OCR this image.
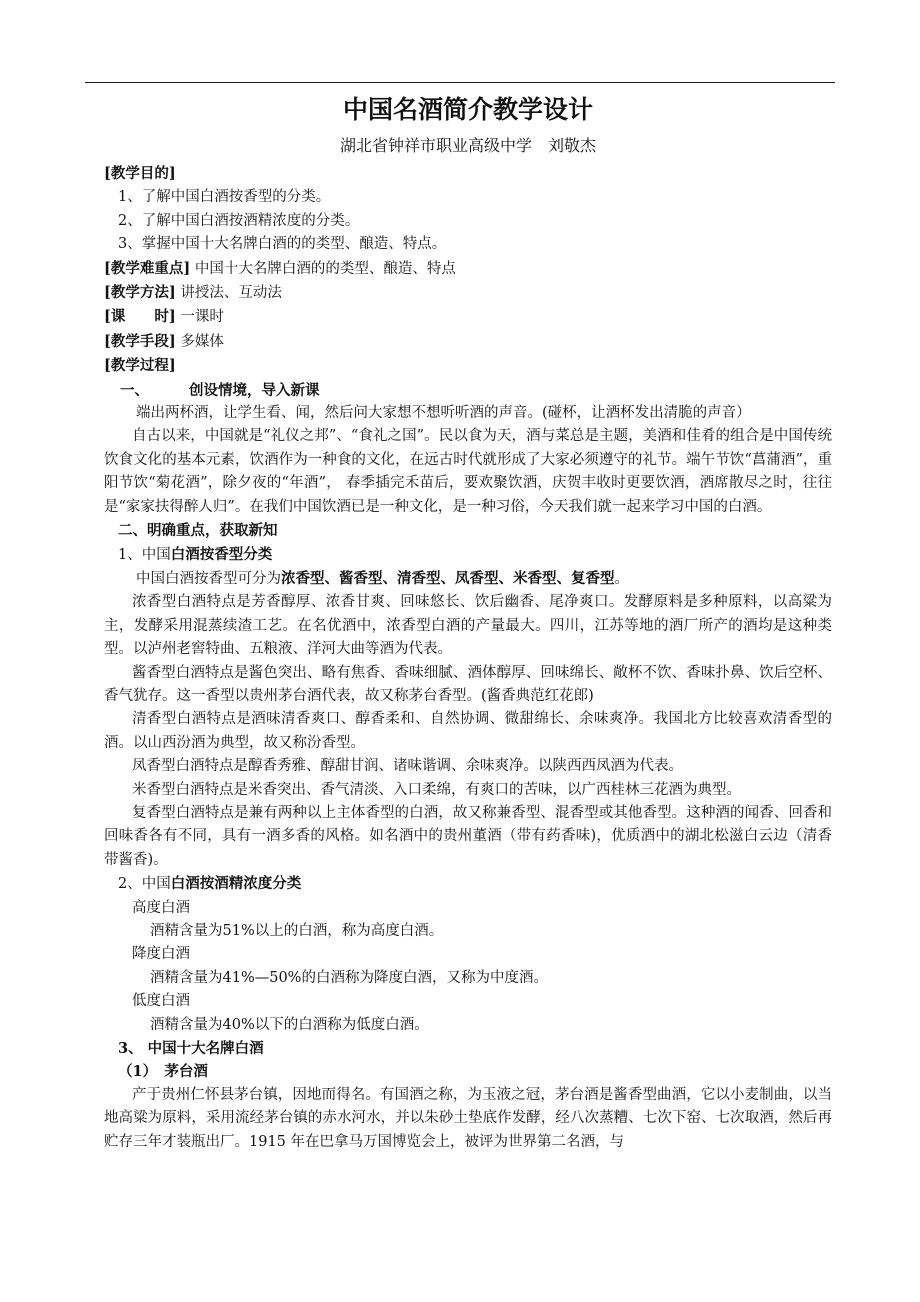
中国名酒简介教学设计
湖北省钟祥市职业高级中学　刘敬杰

[教学目的]

1、了解中国白酒按香型的分类。

2、了解中国白酒按酒精浓度的分类。

3、掌握中国十大名牌白酒的的类型、酿造、特点。

[教学难重点] 中国十大名牌白酒的的类型、酿造、特点

[教学方法] 讲授法、互动法

[课　　时] 一课时

[教学手段] 多媒体

[教学过程]

一、	创设情境，导入新课

端出两杯酒，让学生看、闻，然后问大家想不想听听酒的声音。(碰杯，让酒杯发出清脆的声音）

自古以来，中国就是“礼仪之邦”、“食礼之国”。民以食为天，酒与菜总是主题，美酒和佳肴的组合是中国传统饮食文化的基本元素，饮酒作为一种食的文化，在远古时代就形成了大家必须遵守的礼节。端午节饮“菖蒲酒”，重阳节饮“菊花酒”，除夕夜的“年酒”， 春季插完禾苗后，要欢聚饮酒，庆贺丰收时更要饮酒，酒席散尽之时，往往是“家家扶得醉人归”。在我们中国饮酒已是一种文化，是一种习俗，今天我们就一起来学习中国的白酒。

二、明确重点，获取新知

1、中国白酒按香型分类

中国白酒按香型可分为浓香型、酱香型、清香型、凤香型、米香型、复香型。

浓香型白酒特点是芳香醇厚、浓香甘爽、回味悠长、饮后幽香、尾净爽口。发酵原料是多种原料，以高粱为主，发酵采用混蒸续渣工艺。在名优酒中，浓香型白酒的产量最大。四川，江苏等地的酒厂所产的酒均是这种类型。以泸州老窖特曲、五粮液、洋河大曲等酒为代表。

酱香型白酒特点是酱色突出、略有焦香、香味细腻、酒体醇厚、回味绵长、敞杯不饮、香味扑鼻、饮后空杯、香气犹存。这一香型以贵州茅台酒代表，故又称茅台香型。(酱香典范红花郎)

清香型白酒特点是酒味清香爽口、醇香柔和、自然协调、微甜绵长、余味爽净。我国北方比较喜欢清香型的酒。以山西汾酒为典型，故又称汾香型。

凤香型白酒特点是醇香秀雅、醇甜甘润、诸味谐调、余味爽净。以陕西西凤酒为代表。

米香型白酒特点是米香突出、香气清淡、入口柔绵，有爽口的苦味，以广西桂林三花酒为典型。

复香型白酒特点是兼有两种以上主体香型的白酒，故又称兼香型、混香型或其他香型。这种酒的闻香、回香和回味香各有不同，具有一酒多香的风格。如名酒中的贵州董酒（带有药香味)，优质酒中的湖北松滋白云边（清香带酱香)。

2、中国白酒按酒精浓度分类

高度白酒

酒精含量为51%以上的白酒，称为高度白酒。

降度白酒

酒精含量为41%—50%的白酒称为降度白酒，又称为中度酒。

低度白酒

酒精含量为40%以下的白酒称为低度白酒。

3、 中国十大名牌白酒

（1）　茅台酒

产于贵州仁怀县茅台镇，因地而得名。有国酒之称，为玉液之冠，茅台酒是酱香型曲酒，它以小麦制曲，以当地高粱为原料，采用流经茅台镇的赤水河水，并以朱砂土垫底作发酵，经八次蒸糟、七次下窑、七次取酒，然后再贮存三年才装瓶出厂。1915 年在巴拿马万国博览会上，被评为世界第二名酒，与
